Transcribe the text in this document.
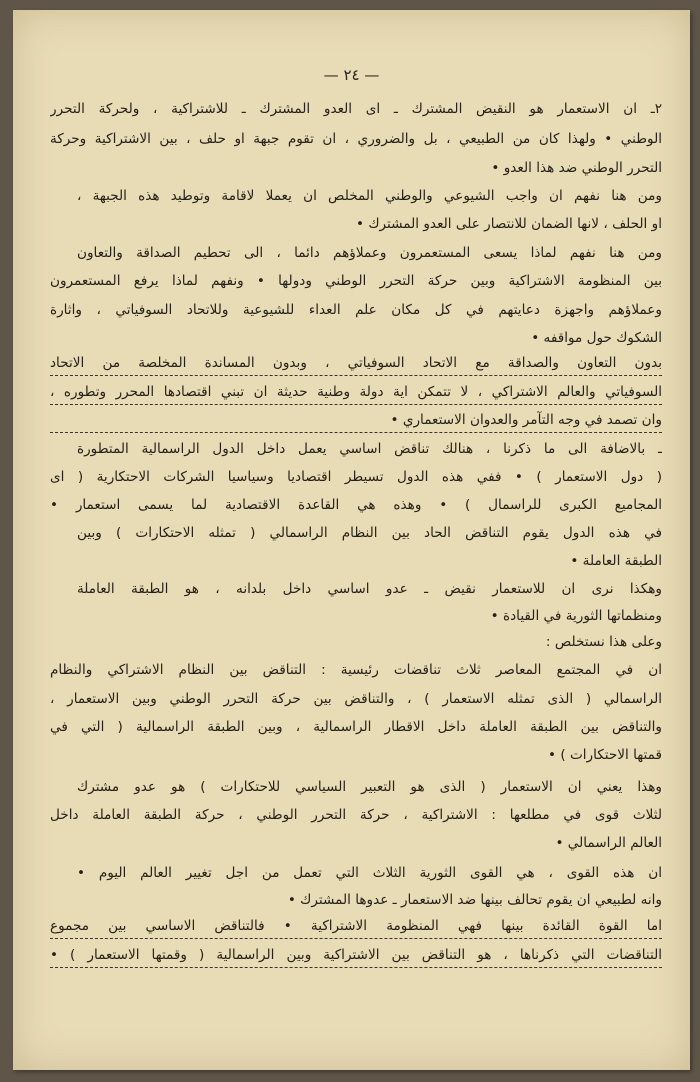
— ٢٤ —
٢ـ ان الاستعمار هو النقيض المشترك ـ اى العدو المشترك ـ للاشتراكية ، ولحركة التحرر
الوطني • ولهذا كان من الطبيعي ، بل والضروري ، ان تقوم جبهة او حلف ، بين الاشتراكية وحركة
التحرر الوطني ضد هذا العدو •
ومن هنا نفهم ان واجب الشيوعي والوطني المخلص ان يعملا لاقامة وتوطيد هذه الجبهة ،
او الحلف ، لانها الضمان للانتصار على العدو المشترك •
ومن هنا نفهم لماذا يسعى المستعمرون وعملاؤهم دائما ، الى تحطيم الصداقة والتعاون
بين المنظومة الاشتراكية وبين حركة التحرر الوطني ودولها • ونفهم لماذا يرفع المستعمرون
وعملاؤهم واجهزة دعايتهم في كل مكان علم العداء للشيوعية وللاتحاد السوفياتي ، واثارة
الشكوك حول مواقفه •
بدون التعاون والصداقة مع الاتحاد السوفياتي ، وبدون المساندة المخلصة من الاتحاد
السوفياتي والعالم الاشتراكي ، لا تتمكن اية دولة وطنية حديثة ان تبني اقتصادها المحرر وتطوره ،
وان تصمد في وجه التآمر والعدوان الاستعماري •
ـ بالاضافة الى ما ذكرنا ، هنالك تناقض اساسي يعمل داخل الدول الراسمالية المتطورة
( دول الاستعمار ) • ففي هذه الدول تسيطر اقتصاديا وسياسيا الشركات الاحتكارية ( اى
المجاميع الكبرى للراسمال ) • وهذه هي القاعدة الاقتصادية لما يسمى استعمار •
في هذه الدول يقوم التناقض الحاد بين النظام الراسمالي ( تمثله الاحتكارات ) وبين
الطبقة العاملة •
وهكذا نرى ان للاستعمار نقيض ـ عدو اساسي داخل بلدانه ، هو الطبقة العاملة
ومنظماتها الثورية في القيادة •
وعلى هذا نستخلص :
ان في المجتمع المعاصر ثلاث تناقضات رئيسية : التناقض بين النظام الاشتراكي والنظام
الراسمالي ( الذى تمثله الاستعمار ) ، والتناقض بين حركة التحرر الوطني وبين الاستعمار ،
والتناقض بين الطبقة العاملة داخل الاقطار الراسمالية ، وبين الطبقة الراسمالية ( التي في
قمتها الاحتكارات ) •
وهذا يعني ان الاستعمار ( الذى هو التعبير السياسي للاحتكارات ) هو عدو مشترك
لثلاث قوى في مطلعها : الاشتراكية ، حركة التحرر الوطني ، حركة الطبقة العاملة داخل
العالم الراسمالي •
ان هذه القوى ، هي القوى الثورية الثلاث التي تعمل من اجل تغيير العالم اليوم •
وانه لطبيعي ان يقوم تحالف بينها ضد الاستعمار ـ عدوها المشترك •
اما القوة القائدة بينها فهي المنظومة الاشتراكية • فالتناقض الاساسي بين مجموع
التناقضات التي ذكرناها ، هو التناقض بين الاشتراكية وبين الراسمالية ( وقمتها الاستعمار ) •
